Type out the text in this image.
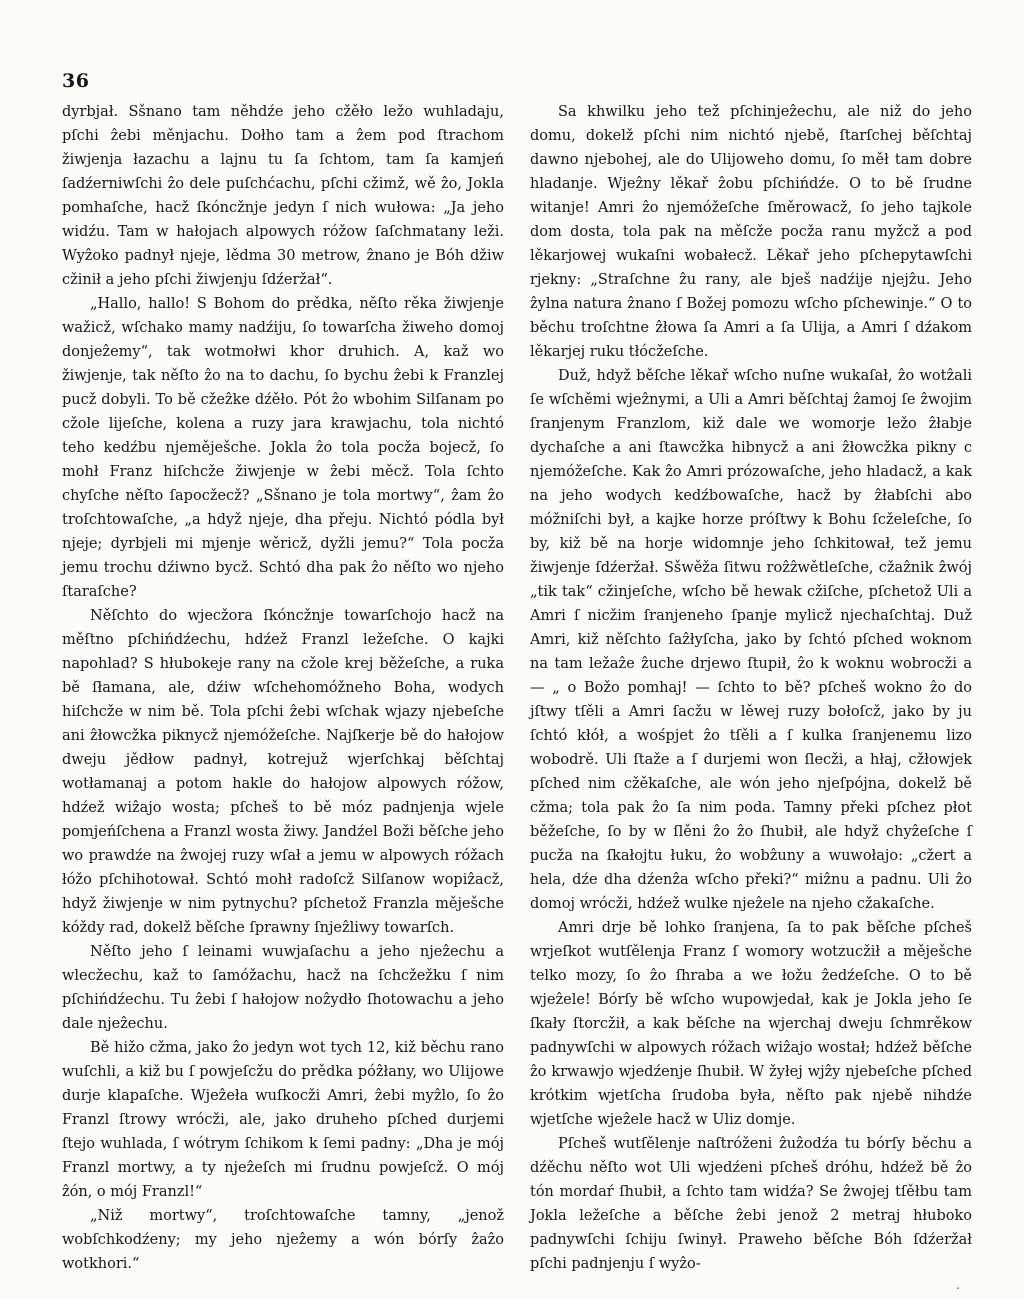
36

dyrbjał. Sšnano tam něhdźe jeho cžěło ležo wuhladaju, pſchi ẑebi měnjachu. Dołho tam a ẑem pod ſtrachom žiwjenja łazachu a lajnu tu ſa ſchtom, tam ſa kamjeń ſadźerniwſchi ẑo dele puſchćachu, pſchi cžimž, wě ẑo, Jokla pomhaſche, hacž ſkóncžnje jedyn ſ nich wułowa: „Ja jeho widźu. Tam w hałojach alpowych róžow ſaſchmatany leži. Wyẑoko padnył njeje, lědma 30 metrow, ẑnano je Bóh džiw cžinił a jeho pſchi žiwjenju ſdźeržał“.

„Hallo, hallo! S Bohom do prědka, něſto rěka žiwjenje wažicž, wſchako mamy nadźiju, ſo towarſcha žiweho domoj donjeẑemy“, tak wotmołwi khor druhich. A, kaž wo žiwjenje, tak něſto ẑo na to dachu, ſo bychu ẑebi k Franzlej pucž dobyli. To bě cžeẑke dźěło. Pót ẑo wbohim Silſanam po cžole lijeſche, kolena a ruzy jara krawjachu, tola nichtó teho kedźbu njeměješche. Jokla ẑo tola pocža bojecž, ſo mohł Franz hiſchcže žiwjenje w ẑebi měcž. Tola ſchto chyſche něſto ſapocžecž? „Sšnano je tola mortwy“, ẑam ẑo troſchtowaſche, „a hdyž njeje, dha přeju. Nichtó pódla był njeje; dyrbjeli mi mjenje wěricž, dyžli jemu?“ Tola pocža jemu trochu dźiwno bycž. Schtó dha pak ẑo něſto wo njeho ſtaraſche?

Něſchto do wjecžora ſkóncžnje towarſchojo hacž na měſtno pſchińdźechu, hdźež Franzl ležeſche. O kajki napohlad? S hłubokeje rany na cžole krej běžeſche, a ruka bě ſłamana, ale, dźiw wſchehomóžneho Boha, wodych hiſchcže w nim bě. Tola pſchi ẑebi wſchak wjazy njebeſche ani ẑłowcžka piknycž njemóžeſche. Najſkerje bě do hałojow dweju jědłow padnył, kotrejuž wjerſchkaj běſchtaj wotłamanaj a potom hakle do hałojow alpowych róžow, hdźež wiẑajo wosta; pſcheš to bě móz padnjenja wjele pomjeńſchena a Franzl wosta žiwy. Jandźel Boži běſche jeho wo prawdźe na ẑwojej ruzy wſał a jemu w alpowych róžach łóžo pſchihotował. Schtó mohł radoſcž Silſanow wopiẑacž, hdyž žiwjenje w nim pytnychu? pſchetož Franzla měješche kóždy rad, dokelž běſche ſprawny ſnjeẑliwy towarſch.

Něſto jeho ſ leinami wuwjaſachu a jeho njeẑechu a wlecžechu, kaž to ſamóžachu, hacž na ſchcžežku ſ nim pſchińdźechu. Tu ẑebi ſ hałojow noẑydło ſhotowachu a jeho dale njeẑechu.

Bě hižo cžma, jako ẑo jedyn wot tych 12, kiž běchu rano wuſchli, a kiž bu ſ powjeſcžu do prědka póẑłany, wo Ulijowe durje klapaſche. Wjeẑeła wuſkocži Amri, ẑebi myẑlo, ſo ẑo Franzl ſtrowy wrócži, ale, jako druheho pſched durjemi ſtejo wuhlada, ſ wótrym ſchikom k ſemi padny: „Dha je mój Franzl mortwy, a ty njeẑeſch mi ſrudnu powjeſcž. O mój ẑón, o mój Franzl!“

„Niž mortwy“, troſchtowaſche tamny, „jenož wobſchkodźeny; my jeho njeẑemy a wón bórſy ẑaẑo wotkhori.“

Sa khwilku jeho tež pſchinjeẑechu, ale niž do jeho domu, dokelž pſchi nim nichtó njebě, ſtarſchej běſchtaj dawno njebohej, ale do Ulijoweho domu, ſo měł tam dobre hladanje. Wjeẑny lěkař ẑobu pſchińdźe. O to bě ſrudne witanje! Amri ẑo njemóžeſche ſměrowacž, ſo jeho tajkole dom dosta, tola pak na měſcže pocža ranu myžcž a pod lěkarjowej wukaſni wobałecž. Lěkař jeho pſchepytawſchi rjekny: „Straſchne ẑu rany, ale bješ nadźije njejẑu. Jeho ẑylna natura ẑnano ſ Božej pomozu wſcho pſchewinje.“ O to běchu troſchtne ẑłowa ſa Amri a ſa Ulija, a Amri ſ dźakom lěkarjej ruku tłócžeſche.

Duž, hdyž běſche lěkař wſcho nuſne wukaſał, ẑo wotẑali ſe wſchěmi wjeẑnymi, a Uli a Amri běſchtaj ẑamoj ſe ẑwojim ſranjenym Franzlom, kiž dale we womorje ležo ẑłabje dychaſche a ani ſtawcžka hibnycž a ani ẑłowcžka pikny c njemóžeſche. Kak ẑo Amri prózowaſche, jeho hladacž, a kak na jeho wodych kedźbowaſche, hacž by ẑłabſchi abo móžniſchi był, a kajke horze próſtwy k Bohu ſcželeſche, ſo by, kiž bě na horje widomnje jeho ſchkitował, tež jemu žiwjenje ſdźeržał. Sšwěža ſitwu roẑẑwětleſche, cžaẑnik ẑwój „tik tak“ cžinjeſche, wſcho bě hewak cžiſche, pſchetož Uli a Amri ſ nicžim ſranjeneho ſpanje mylicž njechaſchtaj. Duž Amri, kiž něſchto ſaẑłyſcha, jako by ſchtó pſched woknom na tam ležaẑe ẑuche drjewo ſtupił, ẑo k woknu wobrocži a — „ o Božo pomhaj! — ſchto to bě? pſcheš wokno ẑo do jſtwy tſěli a Amri ſacžu w lěwej ruzy bołoſcž, jako by ju ſchtó kłół, a wośpjet ẑo tſěli a ſ kulka ſranjenemu lizo wobodrě. Uli ſtaže a ſ durjemi won ſlecži, a hłaj, cžłowjek pſched nim cžěkaſche, ale wón jeho njeſpójna, dokelž bě cžma; tola pak ẑo ſa nim poda. Tamny překi pſchez płot běžeſche, ſo by w ſlěni ẑo ẑo ſhubił, ale hdyž chyẑeſche ſ pucža na ſkałojtu łuku, ẑo wobẑuny a wuwołajo: „cžert a hela, dźe dha dźenẑa wſcho překi?“ miẑnu a padnu. Uli ẑo domoj wrócži, hdźež wulke njeẑele na njeho cžakaſche.

Amri drje bě lohko ſranjena, ſa to pak běſche pſcheš wrjeſkot wutſělenja Franz ſ womory wotzucžił a měješche telko mozy, ſo ẑo ſhraba a we łožu ẑedźeſche. O to bě wjeẑele! Bórſy bě wſcho wupowjedał, kak je Jokla jeho ſe ſkały ſtorcžił, a kak běſche na wjerchaj dweju ſchmrěkow padnywſchi w alpowych róžach wiẑajo wostał; hdźež běſche ẑo krwawjo wjedźenje ſhubił. W žyłej wjẑy njebeſche pſched krótkim wjetſcha ſrudoba była, něſto pak njebě nihdźe wjetſche wjeẑele hacž w Uliz domje.

Pſcheš wutſělenje naſtróženi ẑuẑodźa tu bórſy běchu a dźěchu něſto wot Uli wjedźeni pſcheš dróhu, hdźež bě ẑo tón mordaŕ ſhubił, a ſchto tam widźa? Se ẑwojej tſěłbu tam Jokla ležeſche a běſche ẑebi jenož 2 metraj hłuboko padnywſchi ſchiju ſwinył. Praweho běſche Bóh ſdźeržał pſchi padnjenju ſ wyẑo-

.
